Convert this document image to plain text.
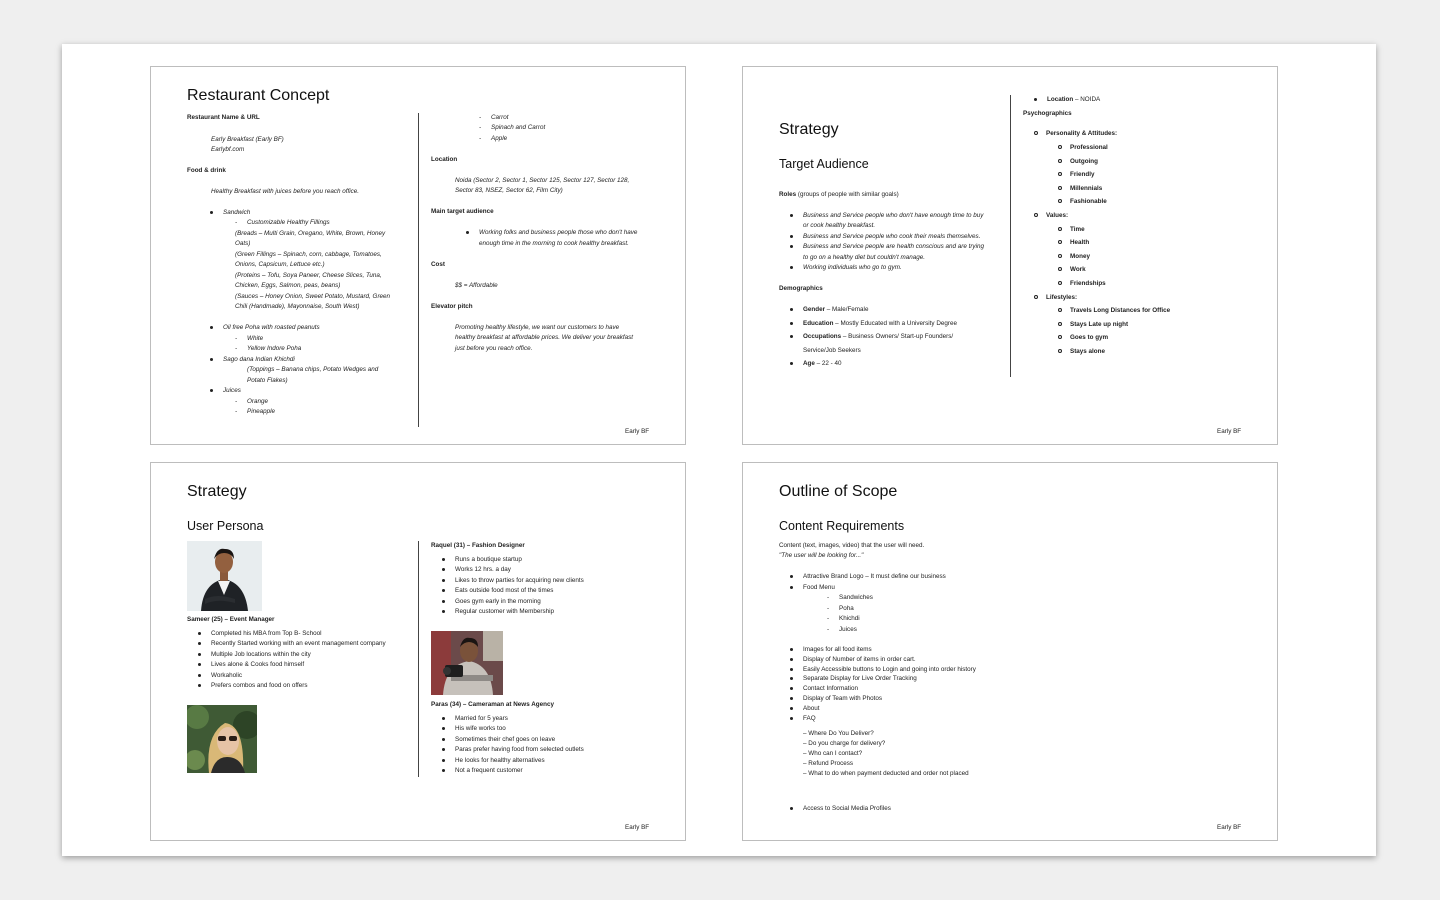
Restaurant Concept
Restaurant Name & URL
Early Breakfast (Early BF)
Earlybf.com
Food & drink
Healthy Breakfast with juices before you reach office.
Sandwich
- Customizable Healthy Fillings
(Breads – Multi Grain, Oregano, White, Brown, Honey
Oats)
(Green Fillings – Spinach, corn, cabbage, Tomatoes,
Onions, Capsicum, Lettuce etc.)
(Proteins – Tofu, Soya Paneer, Cheese Slices, Tuna,
Chicken, Eggs, Salmon, peas, beans)
(Sauces – Honey Onion, Sweet Potato, Mustard, Green
Chili (Handmade), Mayonnaise, South West)
Oil free Poha with roasted peanuts
- White
- Yellow Indore Poha
Sago dana Indian Khichdi
(Toppings – Banana chips, Potato Wedges and
Potato Flakes)
Juices
- Orange
- Pineapple
- Carrot
- Spinach and Carrot
- Apple
Location
Noida (Sector 2, Sector 1, Sector 125, Sector 127, Sector 128,
Sector 83, NSEZ, Sector 62, Film City)
Main target audience
Working folks and business people those who don't have
enough time in the morning to cook healthy breakfast.
Cost
$$ = Affordable
Elevator pitch
Promoting healthy lifestyle, we want our customers to have
healthy breakfast at affordable prices. We deliver your breakfast
just before you reach office.
Early BF
Strategy
Target Audience
Roles (groups of people with similar goals)
Business and Service people who don't have enough time to buy
or cook healthy breakfast.
Business and Service people who cook their meals themselves.
Business and Service people are health conscious and are trying
to go on a healthy diet but couldn't manage.
Working individuals who go to gym.
Demographics
Gender – Male/Female
Education – Mostly Educated with a University Degree
Occupations – Business Owners/ Start-up Founders/
Service/Job Seekers
Age – 22 - 40
Location – NOIDA
Psychographics
Personality & Attitudes:
Professional
Outgoing
Friendly
Millennials
Fashionable
Values:
Time
Health
Money
Work
Friendships
Lifestyles:
Travels Long Distances for Office
Stays Late up night
Goes to gym
Stays alone
Early BF
Strategy
User Persona
Sameer (25) – Event Manager
Completed his MBA from Top B- School
Recently Started working with an event management company
Multiple Job locations within the city
Lives alone & Cooks food himself
Workaholic
Prefers combos and food on offers
Raquel (31) – Fashion Designer
Runs a boutique startup
Works 12 hrs. a day
Likes to throw parties for acquiring new clients
Eats outside food most of the times
Goes gym early in the morning
Regular customer with Membership
Paras (34) – Cameraman at News Agency
Married for 5 years
His wife works too
Sometimes their chef goes on leave
Paras prefer having food from selected outlets
He looks for healthy alternatives
Not a frequent customer
Early BF
Outline of Scope
Content Requirements
Content (text, images, video) that the user will need.
"The user will be looking for..."
Attractive Brand Logo – It must define our business
Food Menu
- Sandwiches
- Poha
- Khichdi
- Juices
Images for all food items
Display of Number of items in order cart.
Easily Accessible buttons to Login and going into order history
Separate Display for Live Order Tracking
Contact Information
Display of Team with Photos
About
FAQ
– Where Do You Deliver?
– Do you charge for delivery?
– Who can I contact?
– Refund Process
– What to do when payment deducted and order not placed
Access to Social Media Profiles
Early BF
